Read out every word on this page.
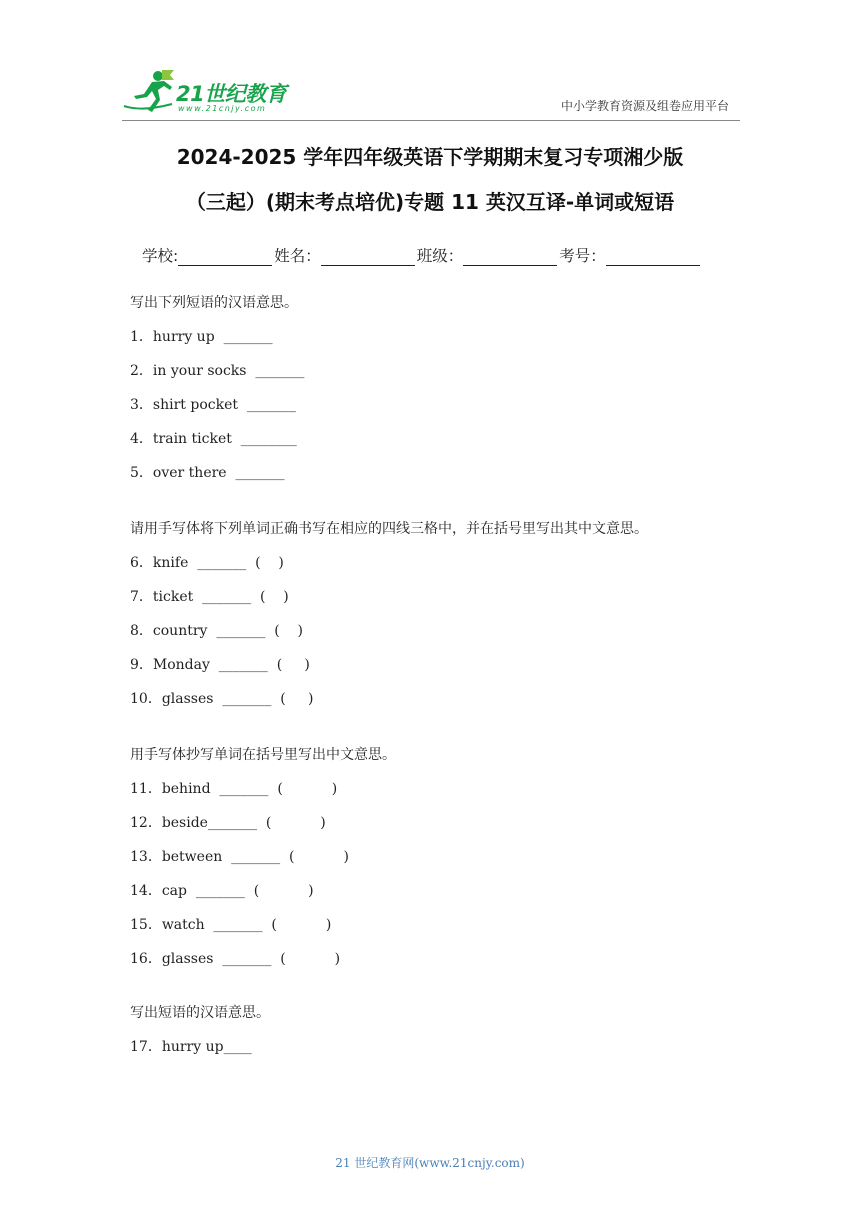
21世纪教育
www.21cnjy.com	中小学教育资源及组卷应用平台
2024-2025 学年四年级英语下学期期末复习专项湘少版
（三起）(期末考点培优)专题 11 英汉互译-单词或短语
学校:	姓名：	班级：	考号：
写出下列短语的汉语意思。
1．hurry up  _______
2．in your socks  _______
3．shirt pocket  _______
4．train ticket  ________
5．over there  _______
请用手写体将下列单词正确书写在相应的四线三格中，并在括号里写出其中文意思。
6．knife  _______  (    )
7．ticket  _______  (    )
8．country  _______  (    )
9．Monday  _______  (     )
10．glasses  _______  (     )
用手写体抄写单词在括号里写出中文意思。
11．behind  _______  (           )
12．beside_______  (           )
13．between  _______  (           )
14．cap  _______  (           )
15．watch  _______  (           )
16．glasses  _______  (           )
写出短语的汉语意思。
17．hurry up____
21 世纪教育网(www.21cnjy.com)
